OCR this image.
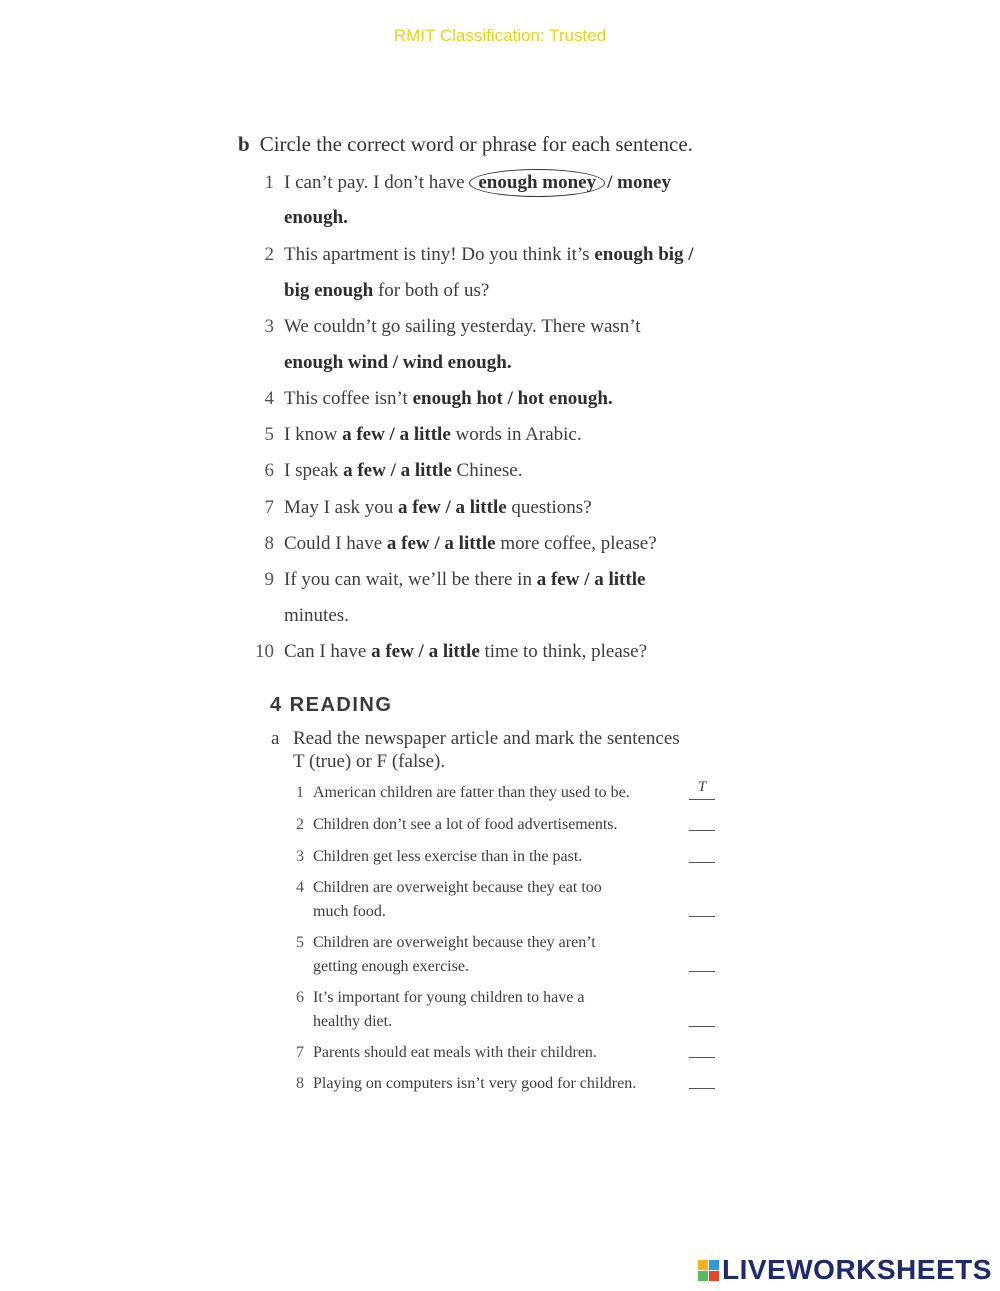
RMIT Classification: Trusted
b Circle the correct word or phrase for each sentence.
1 I can’t pay. I don’t have enough money / money
enough.
2 This apartment is tiny! Do you think it’s enough big /
big enough for both of us?
3 We couldn’t go sailing yesterday. There wasn’t
enough wind / wind enough.
4 This coffee isn’t enough hot / hot enough.
5 I know a few / a little words in Arabic.
6 I speak a few / a little Chinese.
7 May I ask you a few / a little questions?
8 Could I have a few / a little more coffee, please?
9 If you can wait, we’ll be there in a few / a little
minutes.
10 Can I have a few / a little time to think, please?
4 READING
a Read the newspaper article and mark the sentences
T (true) or F (false).
1 American children are fatter than they used to be.	T
2 Children don’t see a lot of food advertisements.
3 Children get less exercise than in the past.
4 Children are overweight because they eat too
much food.
5 Children are overweight because they aren’t
getting enough exercise.
6 It’s important for young children to have a
healthy diet.
7 Parents should eat meals with their children.
8 Playing on computers isn’t very good for children.
LIVEWORKSHEETS
